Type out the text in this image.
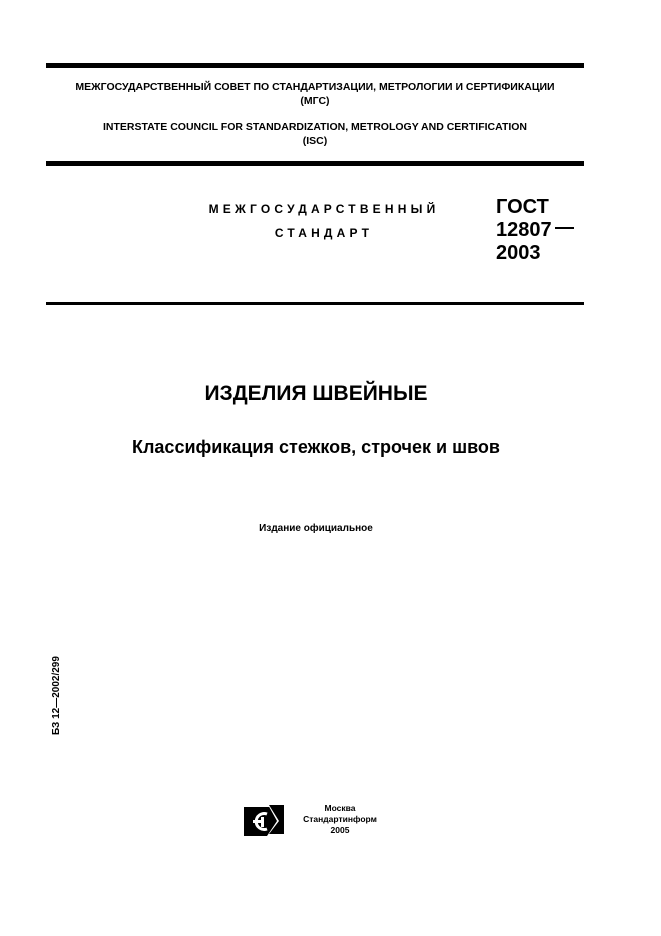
МЕЖГОСУДАРСТВЕННЫЙ СОВЕТ ПО СТАНДАРТИЗАЦИИ, МЕТРОЛОГИИ И СЕРТИФИКАЦИИ
(МГС)
INTERSTATE COUNCIL FOR STANDARDIZATION, METROLOGY AND CERTIFICATION
(ISC)
МЕЖГОСУДАРСТВЕННЫЙ
СТАНДАРТ
ГОСТ
12807
2003
ИЗДЕЛИЯ ШВЕЙНЫЕ
Классификация стежков, строчек и швов
Издание официальное
БЗ 12—2002/299
Москва
Стандартинформ
2005
